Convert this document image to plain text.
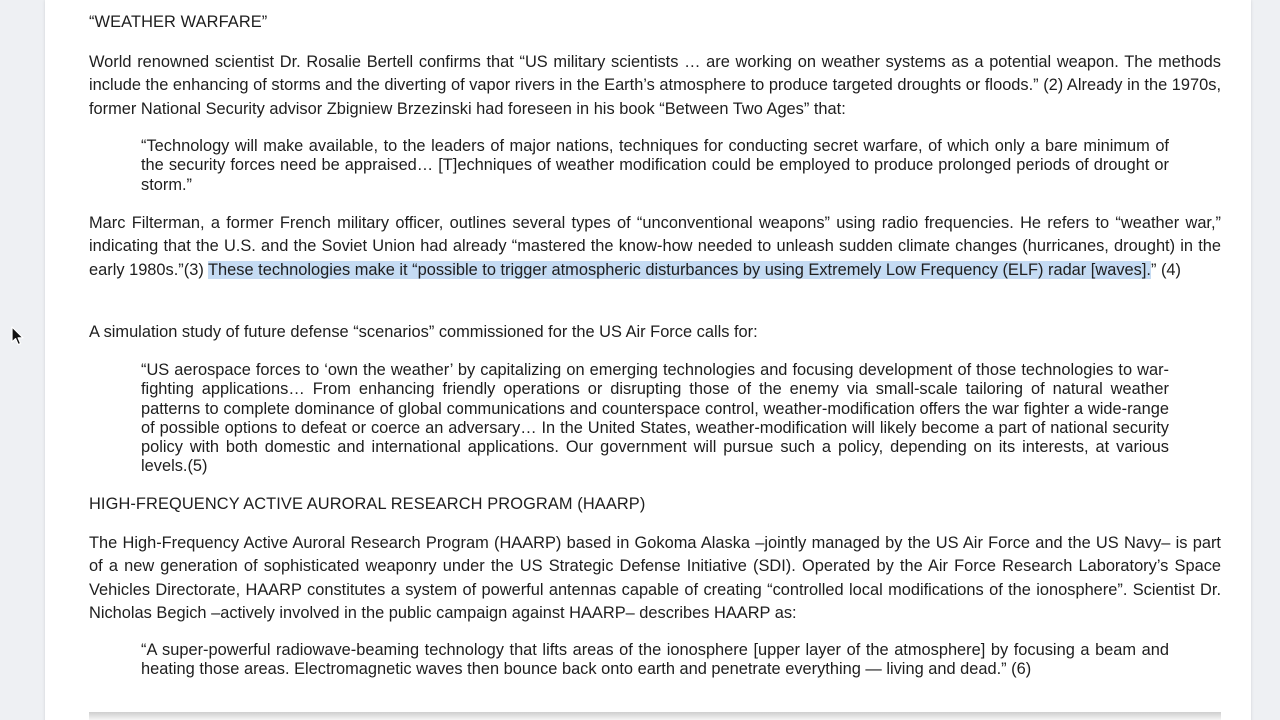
“WEATHER WARFARE”

World renowned scientist Dr. Rosalie Bertell confirms that “US military scientists … are working on weather systems as a potential weapon. The methods include the enhancing of storms and the diverting of vapor rivers in the Earth’s atmosphere to produce targeted droughts or floods.” (2) Already in the 1970s, former National Security advisor Zbigniew Brzezinski had foreseen in his book “Between Two Ages” that:

“Technology will make available, to the leaders of major nations, techniques for conducting secret warfare, of which only a bare minimum of the security forces need be appraised… [T]echniques of weather modification could be employed to produce prolonged periods of drought or storm.”

Marc Filterman, a former French military officer, outlines several types of “unconventional weapons” using radio frequencies. He refers to “weather war,” indicating that the U.S. and the Soviet Union had already “mastered the know-how needed to unleash sudden climate changes (hurricanes, drought) in the early 1980s.”(3) These technologies make it “possible to trigger atmospheric disturbances by using Extremely Low Frequency (ELF) radar [waves].” (4)

A simulation study of future defense “scenarios” commissioned for the US Air Force calls for:

“US aerospace forces to ‘own the weather’ by capitalizing on emerging technologies and focusing development of those technologies to war-fighting applications… From enhancing friendly operations or disrupting those of the enemy via small-scale tailoring of natural weather patterns to complete dominance of global communications and counterspace control, weather-modification offers the war fighter a wide-range of possible options to defeat or coerce an adversary… In the United States, weather-modification will likely become a part of national security policy with both domestic and international applications. Our government will pursue such a policy, depending on its interests, at various levels.(5)

HIGH-FREQUENCY ACTIVE AURORAL RESEARCH PROGRAM (HAARP)

The High-Frequency Active Auroral Research Program (HAARP) based in Gokoma Alaska –jointly managed by the US Air Force and the US Navy– is part of a new generation of sophisticated weaponry under the US Strategic Defense Initiative (SDI). Operated by the Air Force Research Laboratory’s Space Vehicles Directorate, HAARP constitutes a system of powerful antennas capable of creating “controlled local modifications of the ionosphere”. Scientist Dr. Nicholas Begich –actively involved in the public campaign against HAARP– describes HAARP as:

“A super-powerful radiowave-beaming technology that lifts areas of the ionosphere [upper layer of the atmosphere] by focusing a beam and heating those areas. Electromagnetic waves then bounce back onto earth and penetrate everything — living and dead.” (6)
